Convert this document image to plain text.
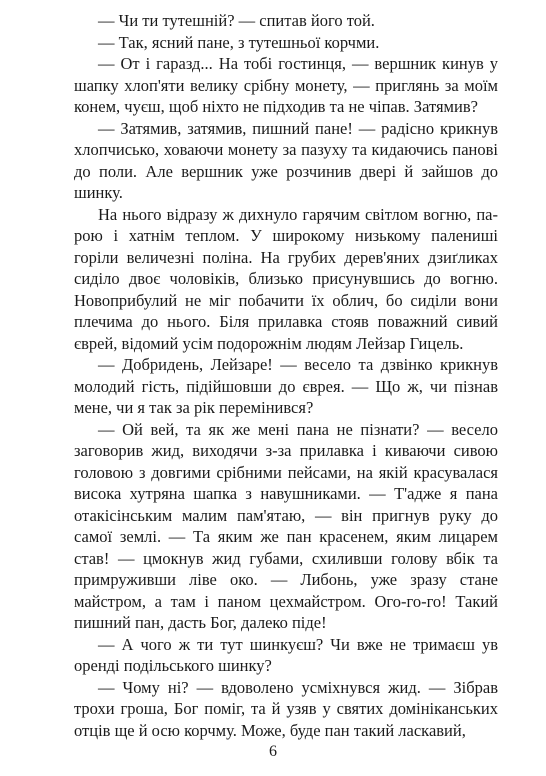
— Чи ти тутешній? — спитав його той.

— Так, ясний пане, з тутешньої корчми.

— От і гаразд... На тобі гостинця, — вершник кинув у шапку хлоп'яти велику срібну монету, — приглянь за моїм конем, чуєш, щоб ніхто не підходив та не чіпав. Затямив?

— Затямив, затямив, пишний пане! — радісно крикнув хлопчисько, ховаючи монету за пазуху та кидаючись панові до поли. Але вершник уже розчинив двері й зайшов до шинку.

На нього відразу ж дихнуло гарячим світлом вогню, парою і хатнім теплом. У широкому низькому палениші горіли величезні поліна. На грубих дерев'яних дзиґликах сиділо двоє чоловіків, близько присунувшись до вогню. Новоприбулий не міг побачити їх облич, бо сиділи вони плечима до нього. Біля прилавка стояв поважний сивий єврей, відомий усім подорожнім людям Лейзар Гицель.

— Добридень, Лейзаре! — весело та дзвінко крикнув молодий гість, підійшовши до єврея. — Що ж, чи пізнав мене, чи я так за рік перемінився?

— Ой вей, та як же мені пана не пізнати? — весело заговорив жид, виходячи з-за прилавка і киваючи сивою головою з довгими срібними пейсами, на якій красувалася висока хутряна шапка з навушниками. — Т'адже я пана отакісінським малим пам'ятаю, — він пригнув руку до самої землі. — Та яким же пан красенем, яким лицарем став! — цмокнув жид губами, схиливши голову вбік та примруживши ліве око. — Либонь, уже зразу стане майстром, а там і паном цехмайстром. Ого-го-го! Такий пишний пан, дасть Бог, далеко піде!

— А чого ж ти тут шинкуєш? Чи вже не тримаєш ув оренді подільського шинку?

— Чому ні? — вдоволено усміхнувся жид. — Зібрав трохи гроша, Бог поміг, та й узяв у святих домініканських отців ще й осю корчму. Може, буде пан такий ласкавий,

6
